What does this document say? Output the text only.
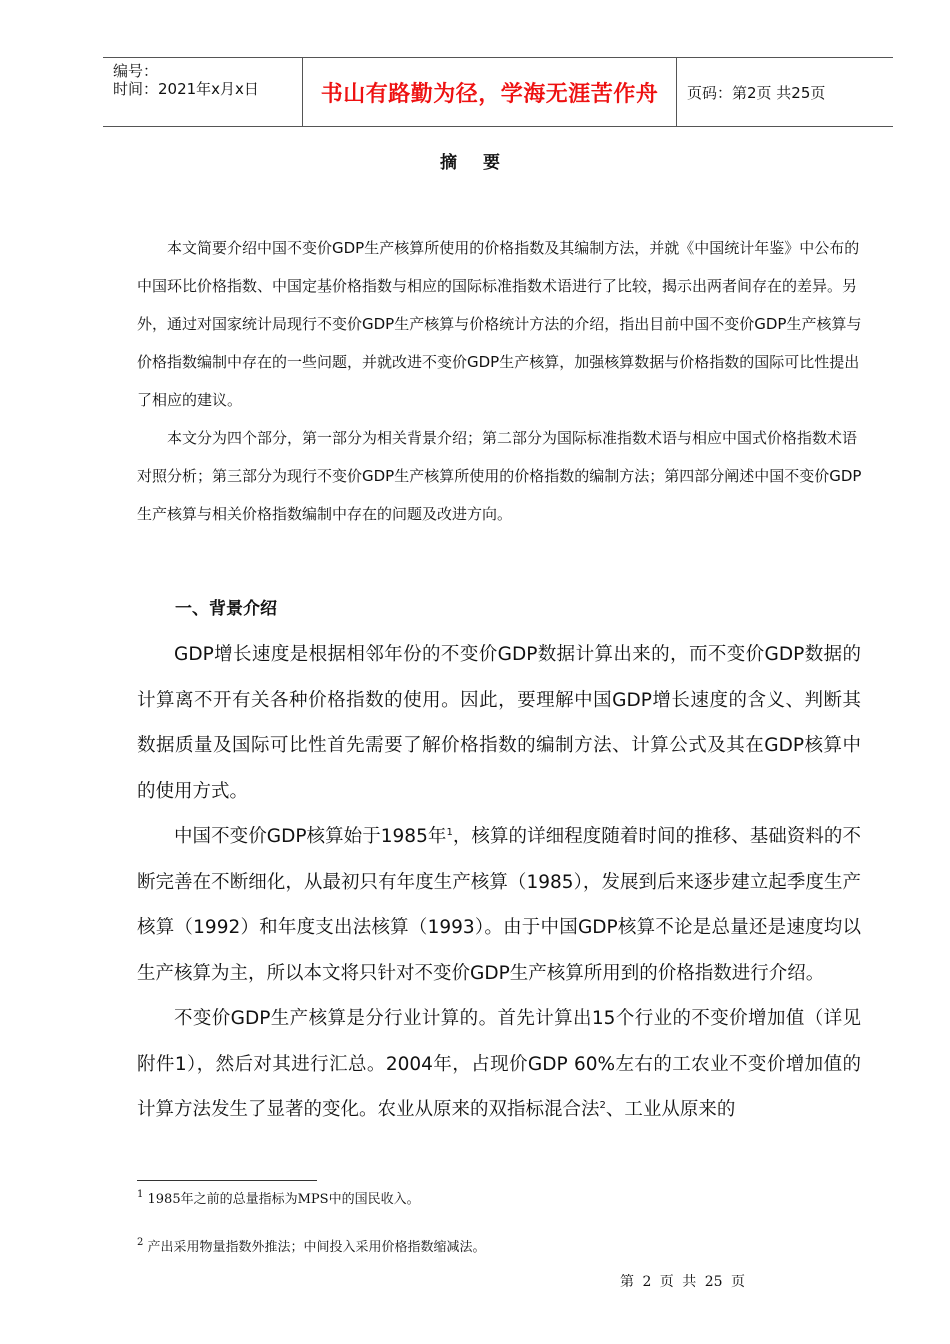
编号：
时间：2021年x月x日	书山有路勤为径，学海无涯苦作舟 页码：第2页 共25页
摘 要

本文简要介绍中国不变价GDP生产核算所使用的价格指数及其编制方法，并就《中国统计年鉴》中公布的中国环比价格指数、中国定基价格指数与相应的国际标准指数术语进行了比较，揭示出两者间存在的差异。另外，通过对国家统计局现行不变价GDP生产核算与价格统计方法的介绍，指出目前中国不变价GDP生产核算与价格指数编制中存在的一些问题，并就改进不变价GDP生产核算，加强核算数据与价格指数的国际可比性提出了相应的建议。

本文分为四个部分，第一部分为相关背景介绍；第二部分为国际标准指数术语与相应中国式价格指数术语对照分析；第三部分为现行不变价GDP生产核算所使用的价格指数的编制方法；第四部分阐述中国不变价GDP生产核算与相关价格指数编制中存在的问题及改进方向。

一、背景介绍

GDP增长速度是根据相邻年份的不变价GDP数据计算出来的，而不变价GDP数据的计算离不开有关各种价格指数的使用。因此，要理解中国GDP增长速度的含义、判断其数据质量及国际可比性首先需要了解价格指数的编制方法、计算公式及其在GDP核算中的使用方式。

中国不变价GDP核算始于1985年$^1$，核算的详细程度随着时间的推移、基础资料的不断完善在不断细化，从最初只有年度生产核算（1985），发展到后来逐步建立起季度生产核算（1992）和年度支出法核算（1993）。由于中国GDP核算不论是总量还是速度均以生产核算为主，所以本文将只针对不变价GDP生产核算所用到的价格指数进行介绍。

不变价GDP生产核算是分行业计算的。首先计算出15个行业的不变价增加值（详见附件1），然后对其进行汇总。2004年，占现价GDP 60%左右的工农业不变价增加值的计算方法发生了显著的变化。农业从原来的双指标混合法$^2$、工业从原来的

$^1$ 1985年之前的总量指标为MPS中的国民收入。
$^2$ 产出采用物量指数外推法；中间投入采用价格指数缩减法。
第 2 页 共 25 页
